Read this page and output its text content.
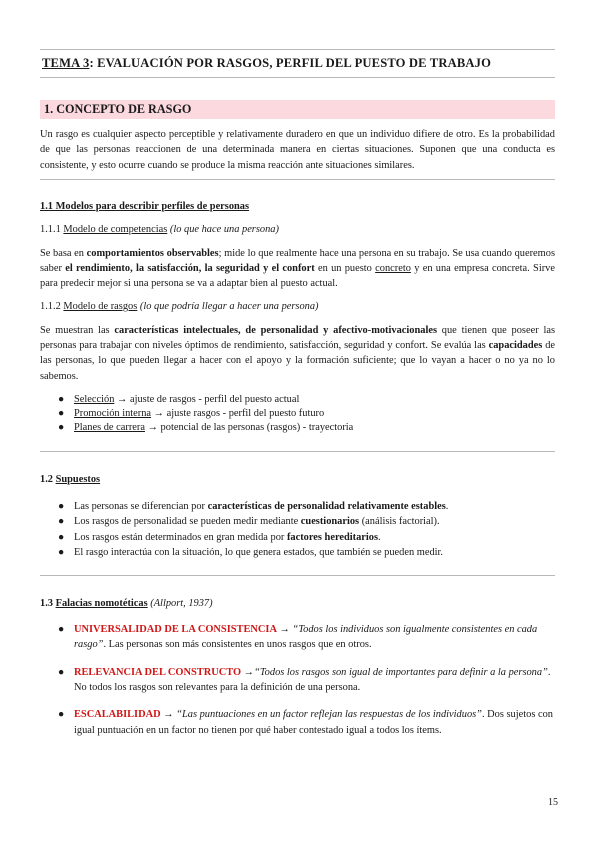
TEMA 3: EVALUACIÓN POR RASGOS, PERFIL DEL PUESTO DE TRABAJO
1. CONCEPTO DE RASGO

Un rasgo es cualquier aspecto perceptible y relativamente duradero en que un individuo difiere de otro. Es la probabilidad de que las personas reaccionen de una determinada manera en ciertas situaciones. Suponen que una conducta es consistente, y esto ocurre cuando se produce la misma reacción ante situaciones similares.

1.1 Modelos para describir perfiles de personas
1.1.1 Modelo de competencias (lo que hace una persona)

Se basa en comportamientos observables; mide lo que realmente hace una persona en su trabajo. Se usa cuando queremos saber el rendimiento, la satisfacción, la seguridad y el confort en un puesto concreto y en una empresa concreta. Sirve para predecir mejor si una persona se va a adaptar bien al puesto actual.

1.1.2 Modelo de rasgos (lo que podría llegar a hacer una persona)

Se muestran las características intelectuales, de personalidad y afectivo-motivacionales que tienen que poseer las personas para trabajar con niveles óptimos de rendimiento, satisfacción, seguridad y confort. Se evalúa las capacidades de las personas, lo que pueden llegar a hacer con el apoyo y la formación suficiente; que lo vayan a hacer o no ya no lo sabemos.

● Selección → ajuste de rasgos - perfil del puesto actual
● Promoción interna → ajuste rasgos - perfil del puesto futuro
● Planes de carrera → potencial de las personas (rasgos) - trayectoria
1.2 Supuestos
● Las personas se diferencian por características de personalidad relativamente estables.
● Los rasgos de personalidad se pueden medir mediante cuestionarios (análisis factorial).
● Los rasgos están determinados en gran medida por factores hereditarios.
● El rasgo interactúa con la situación, lo que genera estados, que también se pueden medir.
1.3 Falacias nomotéticas (Allport, 1937)
● UNIVERSALIDAD DE LA CONSISTENCIA → “Todos los individuos son igualmente consistentes en cada rasgo”. Las personas son más consistentes en unos rasgos que en otros.
● RELEVANCIA DEL CONSTRUCTO →“Todos los rasgos son igual de importantes para definir a la persona”. No todos los rasgos son relevantes para la definición de una persona.
● ESCALABILIDAD → “Las puntuaciones en un factor reflejan las respuestas de los individuos”. Dos sujetos con igual puntuación en un factor no tienen por qué haber contestado igual a todos los ítems.
15
